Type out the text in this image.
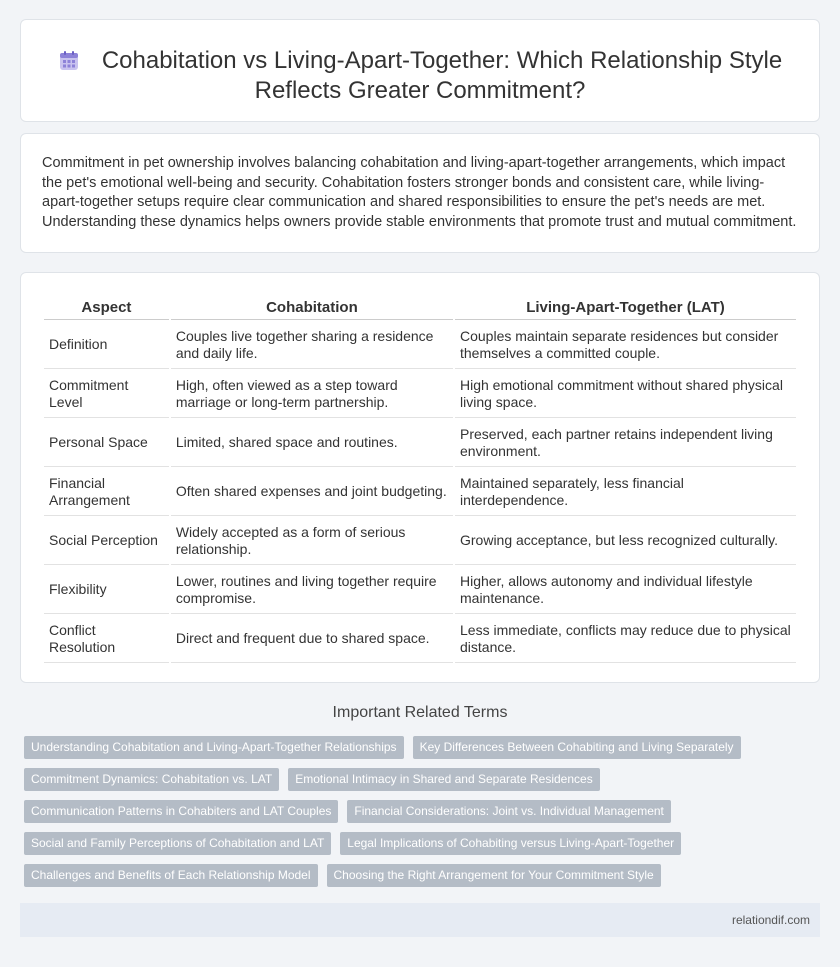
Cohabitation vs Living-Apart-Together: Which Relationship Style Reflects Greater Commitment?

Commitment in pet ownership involves balancing cohabitation and living-apart-together arrangements, which impact the pet's emotional well-being and security. Cohabitation fosters stronger bonds and consistent care, while living-apart-together setups require clear communication and shared responsibilities to ensure the pet's needs are met. Understanding these dynamics helps owners provide stable environments that promote trust and mutual commitment.

Aspect	Cohabitation	Living-Apart-Together (LAT)
Definition	Couples live together sharing a residence and daily life.	Couples maintain separate residences but consider themselves a committed couple.
Commitment Level	High, often viewed as a step toward marriage or long-term partnership.	High emotional commitment without shared physical living space.
Personal Space	Limited, shared space and routines.	Preserved, each partner retains independent living environment.
Financial Arrangement	Often shared expenses and joint budgeting.	Maintained separately, less financial interdependence.
Social Perception	Widely accepted as a form of serious relationship.	Growing acceptance, but less recognized culturally.
Flexibility	Lower, routines and living together require compromise.	Higher, allows autonomy and individual lifestyle maintenance.
Conflict Resolution	Direct and frequent due to shared space.	Less immediate, conflicts may reduce due to physical distance.
Important Related Terms
Understanding Cohabitation and Living-Apart-Together Relationships	Key Differences Between Cohabiting and Living Separately
Commitment Dynamics: Cohabitation vs. LAT	Emotional Intimacy in Shared and Separate Residences
Communication Patterns in Cohabiters and LAT Couples	Financial Considerations: Joint vs. Individual Management
Social and Family Perceptions of Cohabitation and LAT	Legal Implications of Cohabiting versus Living-Apart-Together
Challenges and Benefits of Each Relationship Model	Choosing the Right Arrangement for Your Commitment Style
relationdif.com
